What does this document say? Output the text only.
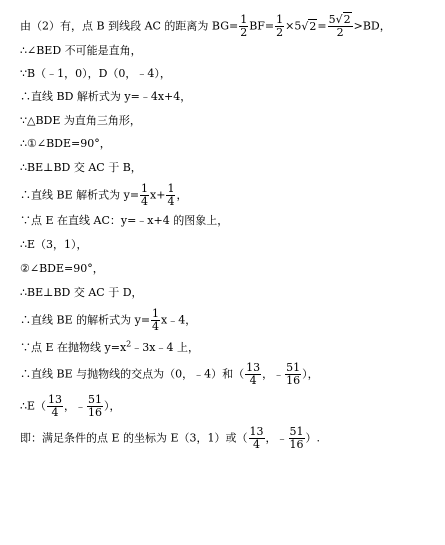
由（2）有，点 B 到线段 AC 的距离为 $BG= \frac{1}{2} BF= \frac{1}{2} \times 5√2= \frac{5√2}{2} >BD$，
∴∠BED 不可能是直角，
∵B（﹣1，0），D（0，﹣4），
∴直线 BD 解析式为 y=﹣4x+4，
∵△BDE 为直角三角形，
∴①∠BDE=90°，
∴BE⊥BD 交 AC 于 B，
∴直线 BE 解析式为 $y= \frac{1}{4} x+ \frac{1}{4}$ ，
∵点 E 在直线 AC：y=﹣x+4 的图象上，
∴E（3，1），
②∠BDE=90°，
∴BE⊥BD 交 AC 于 D，
∴直线 BE 的解析式为 $y= \frac{1}{4}$ x﹣4，
∵点 E 在抛物线 $y=x^2﹣3x﹣4$ 上，
∴直线 BE 与抛物线的交点为（0，﹣4）和（ $\frac{13}{4}$ ，﹣ $\frac{51}{16}$ ），
∴E（ $\frac{13}{4}$ ，﹣ $\frac{51}{16}$ ），
即：满足条件的点 E 的坐标为 E（3，1）或（ $\frac{13}{4}$ ，﹣ $\frac{51}{16}$ ）.
